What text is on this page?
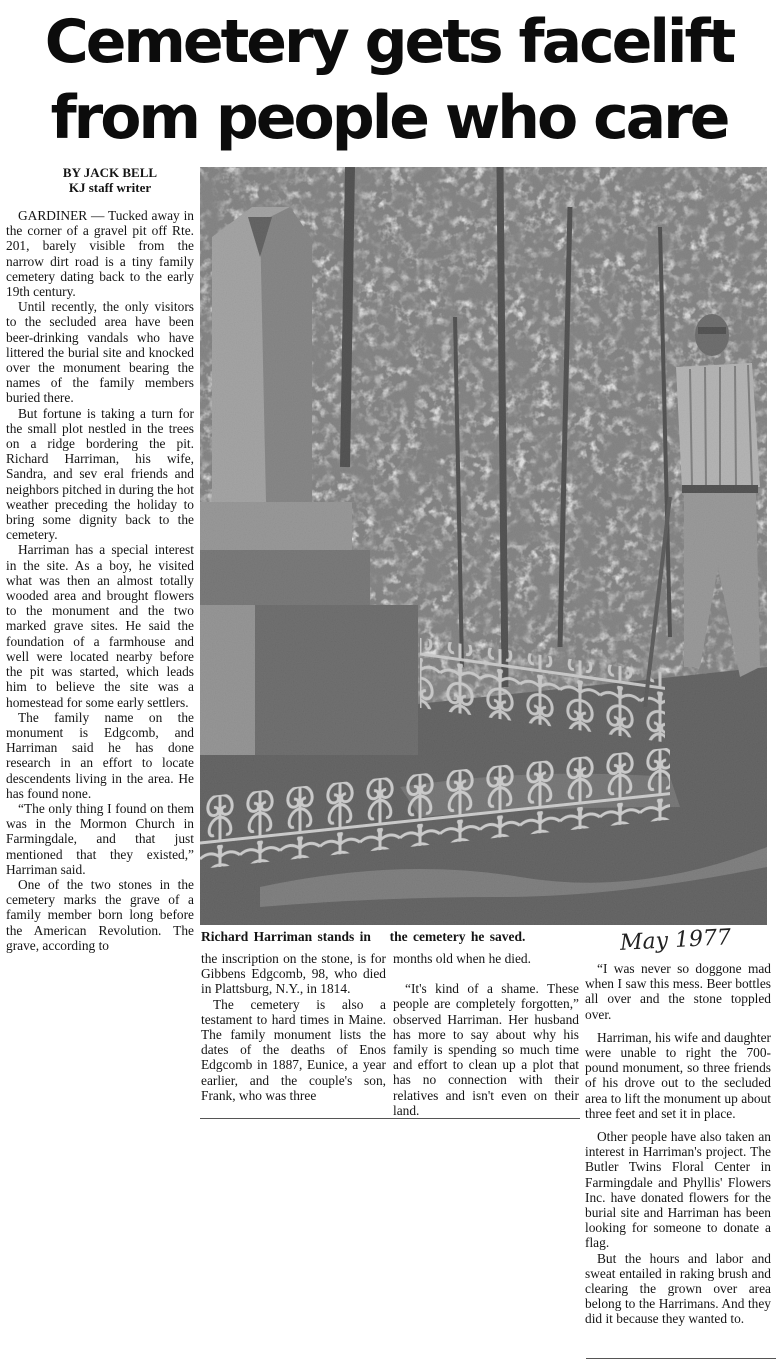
Cemetery gets facelift
from people who care
BY JACK BELL
KJ staff writer

GARDINER — Tucked away in the corner of a gravel pit off Rte. 201, barely visible from the narrow dirt road is a tiny family cemetery dating back to the early 19th century.

Until recently, the only visitors to the secluded area have been beer-drinking vandals who have littered the burial site and knocked over the monument bearing the names of the family members buried there.

But fortune is taking a turn for the small plot nestled in the trees on a ridge bordering the pit. Richard Harriman, his wife, Sandra, and sev eral friends and neighbors pitched in during the hot weather preceding the holiday to bring some dignity back to the cemetery.

Harriman has a special interest in the site. As a boy, he visited what was then an almost totally wooded area and brought flowers to the monument and the two marked grave sites. He said the foundation of a farmhouse and well were located nearby before the pit was started, which leads him to believe the site was a homestead for some early settlers.

The family name on the monument is Edgcomb, and Harriman said he has done research in an effort to locate descendents living in the area. He has found none.

“The only thing I found on them was in the Mormon Church in Farmingdale, and that just mentioned that they existed,” Harriman said.

One of the two stones in the cemetery marks the grave of a family member born long before the American Revolution. The grave, according to

Richard Harriman stands in the cemetery he saved.	May 1977

the inscription on the stone, is for Gibbens Edgcomb, 98, who died in Plattsburg, N.Y., in 1814.

The cemetery is also a testament to hard times in Maine. The family monument lists the dates of the deaths of Enos Edgcomb in 1887, Eunice, a year earlier, and the couple's son, Frank, who was three

months old when he died.

“It's kind of a shame. These people are completely forgotten,” observed Harriman. Her husband has more to say about why his family is spending so much time and effort to clean up a plot that has no connection with their relatives and isn't even on their land.

“I was never so doggone mad when I saw this mess. Beer bottles all over and the stone toppled over.

Harriman, his wife and daughter were unable to right the 700-pound monument, so three friends of his drove out to the secluded area to lift the monument up about three feet and set it in place.

Other people have also taken an interest in Harriman's project. The Butler Twins Floral Center in Farmingdale and Phyllis' Flowers Inc. have donated flowers for the burial site and Harriman has been looking for someone to donate a flag.

But the hours and labor and sweat entailed in raking brush and clearing the grown over area belong to the Harrimans. And they did it because they wanted to.
